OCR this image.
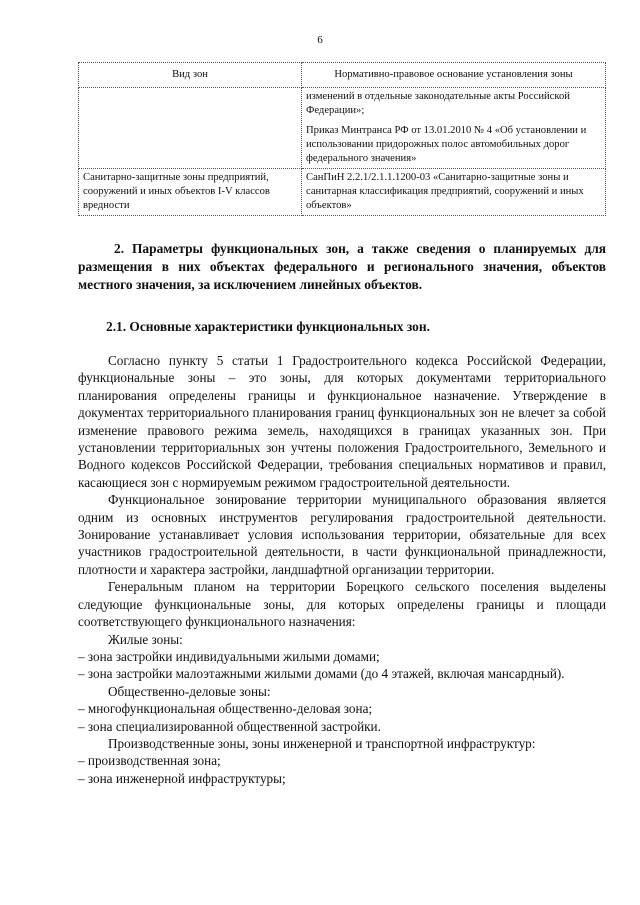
6
Вид зон	Нормативно-правовое основание установления зоны

	изменений в отдельные законодательные акты Российской Федерации»;

Приказ Минтранса РФ от 13.01.2010 № 4 «Об установлении и использовании придорожных полос автомобильных дорог федерального значения»

Санитарно-защитные зоны предприятий, сооружений и иных объектов I-V классов вредности	СанПиН 2.2.1/2.1.1.1200-03 «Санитарно-защитные зоны и санитарная классификация предприятий, сооружений и иных объектов»

2. Параметры функциональных зон, а также сведения о планируемых для размещения в них объектах федерального и регионального значения, объектов местного значения, за исключением линейных объектов.
2.1. Основные характеристики функциональных зон.

Согласно пункту 5 статьи 1 Градостроительного кодекса Российской Федерации, функциональные зоны – это зоны, для которых документами территориального планирования определены границы и функциональное назначение. Утверждение в документах территориального планирования границ функциональных зон не влечет за собой изменение правового режима земель, находящихся в границах указанных зон. При установлении территориальных зон учтены положения Градостроительного, Земельного и Водного кодексов Российской Федерации, требования специальных нормативов и правил, касающиеся зон с нормируемым режимом градостроительной деятельности.

Функциональное зонирование территории муниципального образования является одним из основных инструментов регулирования градостроительной деятельности. Зонирование устанавливает условия использования территории, обязательные для всех участников градостроительной деятельности, в части функциональной принадлежности, плотности и характера застройки, ландшафтной организации территории.

Генеральным планом на территории Борецкого сельского поселения выделены следующие функциональные зоны, для которых определены границы и площади соответствующего функционального назначения:

Жилые зоны:

– зона застройки индивидуальными жилыми домами;

– зона застройки малоэтажными жилыми домами (до 4 этажей, включая мансардный).

Общественно-деловые зоны:

– многофункциональная общественно-деловая зона;

– зона специализированной общественной застройки.

Производственные зоны, зоны инженерной и транспортной инфраструктур:

– производственная зона;

– зона инженерной инфраструктуры;
